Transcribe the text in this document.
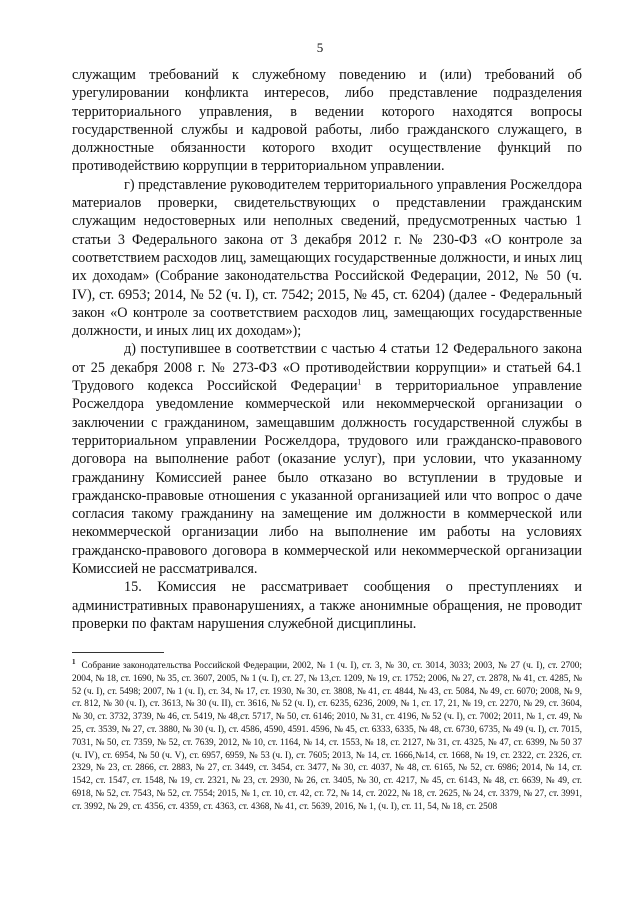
5

служащим требований к служебному поведению и (или) требований об урегулировании конфликта интересов, либо представление подразделения территориального управления, в ведении которого находятся вопросы государственной службы и кадровой работы, либо гражданского служащего, в должностные обязанности которого входит осуществление функций по противодействию коррупции в территориальном управлении.

г) представление руководителем территориального управления Росжелдора материалов проверки, свидетельствующих о представлении гражданским служащим недостоверных или неполных сведений, предусмотренных частью 1 статьи 3 Федерального закона от 3 декабря 2012 г. № 230-ФЗ «О контроле за соответствием расходов лиц, замещающих государственные должности, и иных лиц их доходам» (Собрание законодательства Российской Федерации, 2012, № 50 (ч. IV), ст. 6953; 2014, № 52 (ч. I), ст. 7542; 2015, № 45, ст. 6204) (далее - Федеральный закон «О контроле за соответствием расходов лиц, замещающих государственные должности, и иных лиц их доходам»);

д) поступившее в соответствии с частью 4 статьи 12 Федерального закона от 25 декабря 2008 г. № 273-ФЗ «О противодействии коррупции» и статьей 64.1 Трудового кодекса Российской Федерации$^1$ в территориальное управление Росжелдора уведомление коммерческой или некоммерческой организации о заключении с гражданином, замещавшим должность государственной службы в территориальном управлении Росжелдора, трудового или гражданско-правового договора на выполнение работ (оказание услуг), при условии, что указанному гражданину Комиссией ранее было отказано во вступлении в трудовые и гражданско-правовые отношения с указанной организацией или что вопрос о даче согласия такому гражданину на замещение им должности в коммерческой или некоммерческой организации либо на выполнение им работы на условиях гражданско-правового договора в коммерческой или некоммерческой организации Комиссией не рассматривался.

15. Комиссия не рассматривает сообщения о преступлениях и административных правонарушениях, а также анонимные обращения, не проводит проверки по фактам нарушения служебной дисциплины.

$^1$ Собрание законодательства Российской Федерации, 2002, № 1 (ч. I), ст. 3, № 30, ст. 3014, 3033; 2003, № 27 (ч. I), ст. 2700; 2004, № 18, ст. 1690, № 35, ст. 3607, 2005, № 1 (ч. I), ст. 27, № 13,ст. 1209, № 19, ст. 1752; 2006, № 27, ст. 2878, № 41, ст. 4285, № 52 (ч. I), ст. 5498; 2007, № 1 (ч. I), ст. 34, № 17, ст. 1930, № 30, ст. 3808, № 41, ст. 4844, № 43, ст. 5084, № 49, ст. 6070; 2008, № 9, ст. 812, № 30 (ч. I), ст. 3613, № 30 (ч. II), ст. 3616, № 52 (ч. I), ст. 6235, 6236, 2009, № 1, ст. 17, 21, № 19, ст. 2270, № 29, ст. 3604, № 30, ст. 3732, 3739, № 46, ст. 5419, № 48,ст. 5717, № 50, ст. 6146; 2010, № 31, ст. 4196, № 52 (ч. I), ст. 7002; 2011, № 1, ст. 49, № 25, ст. 3539, № 27, ст. 3880, № 30 (ч. I), ст. 4586, 4590, 4591. 4596, № 45, ст. 6333, 6335, № 48, ст. 6730, 6735, № 49 (ч. I), ст. 7015, 7031, № 50, ст. 7359, № 52, ст. 7639, 2012, № 10, ст. 1164, № 14, ст. 1553, № 18, ст. 2127, № 31, ст. 4325, № 47, ст. 6399, № 50 37 (ч. IV), ст. 6954, № 50 (ч. V), ст. 6957, 6959, № 53 (ч. I), ст. 7605; 2013, № 14, ст. 1666,№14, ст. 1668, № 19, ст. 2322, ст. 2326, ст. 2329, № 23, ст. 2866, ст. 2883, № 27, ст. 3449, ст. 3454, ст. 3477, № 30, ст. 4037, № 48, ст. 6165, № 52, ст. 6986; 2014, № 14, ст. 1542, ст. 1547, ст. 1548, № 19, ст. 2321, № 23, ст. 2930, № 26, ст. 3405, № 30, ст. 4217, № 45, ст. 6143, № 48, ст. 6639, № 49, ст. 6918, № 52, ст. 7543, № 52, ст. 7554; 2015, № 1, ст. 10, ст. 42, ст. 72, № 14, ст. 2022, № 18, ст. 2625, № 24, ст. 3379, № 27, ст. 3991, ст. 3992, № 29, ст. 4356, ст. 4359, ст. 4363, ст. 4368, № 41, ст. 5639, 2016, № 1, (ч. I), ст. 11, 54, № 18, ст. 2508
